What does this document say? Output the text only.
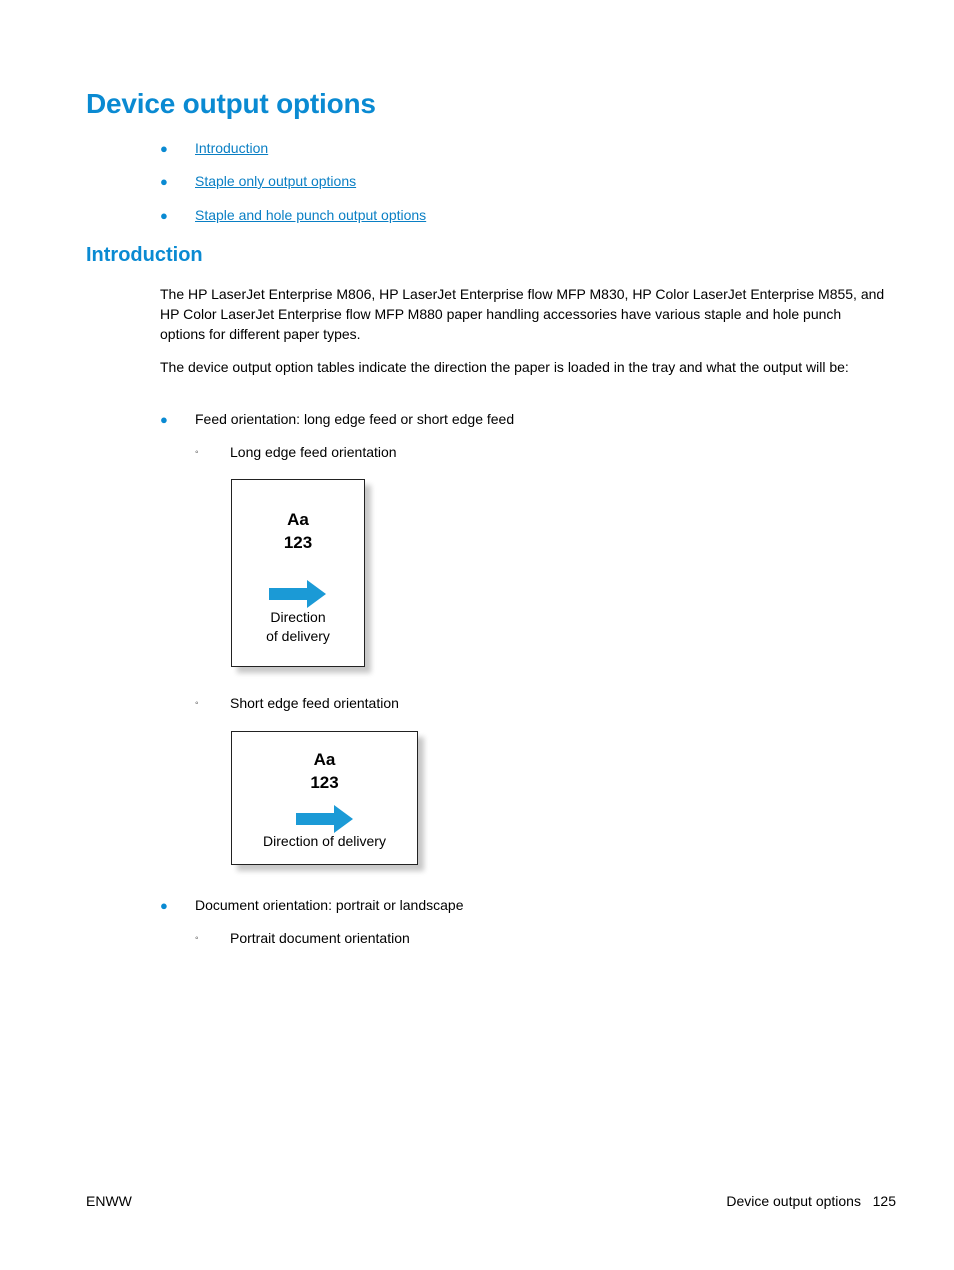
Device output options
● Introduction
● Staple only output options
● Staple and hole punch output options
Introduction

The HP LaserJet Enterprise M806, HP LaserJet Enterprise flow MFP M830, HP Color LaserJet Enterprise M855, and HP Color LaserJet Enterprise flow MFP M880 paper handling accessories have various staple and hole punch options for different paper types.

The device output option tables indicate the direction the paper is loaded in the tray and what the output will be:

● Feed orientation: long edge feed or short edge feed
◦ Long edge feed orientation
Aa
123
Direction
of delivery
◦ Short edge feed orientation
Aa
123
Direction of delivery
● Document orientation: portrait or landscape
◦ Portrait document orientation
ENWW	Device output options 125
